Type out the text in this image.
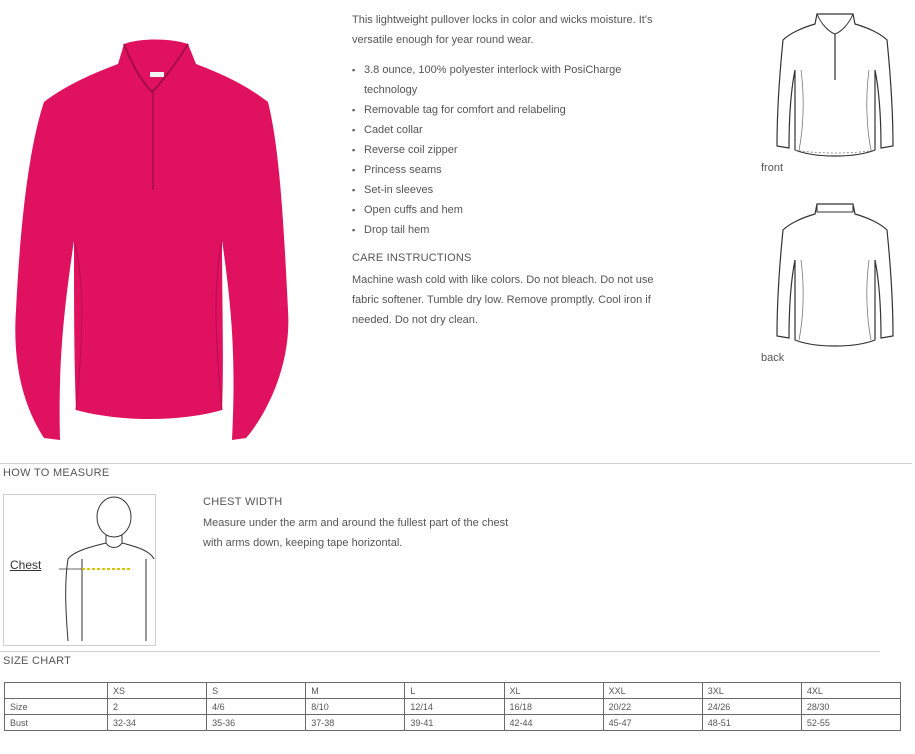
This lightweight pullover locks in color and wicks moisture. It's versatile enough for year round wear.
▪ 3.8 ounce, 100% polyester interlock with PosiCharge technology
▪ Removable tag for comfort and relabeling
▪ Cadet collar
▪ Reverse coil zipper
▪ Princess seams
▪ Set-in sleeves
▪ Open cuffs and hem
▪ Drop tail hem
CARE INSTRUCTIONS
Machine wash cold with like colors. Do not bleach. Do not use fabric softener. Tumble dry low. Remove promptly. Cool iron if needed. Do not dry clean.
front
back
HOW TO MEASURE
Chest
CHEST WIDTH
Measure under the arm and around the fullest part of the chest with arms down, keeping tape horizontal.
SIZE CHART
	XS	S	M	L	XL	XXL	3XL	4XL
Size	2	4/6	8/10	12/14	16/18	20/22	24/26	28/30
Bust	32-34	35-36	37-38	39-41	42-44	45-47	48-51	52-55
